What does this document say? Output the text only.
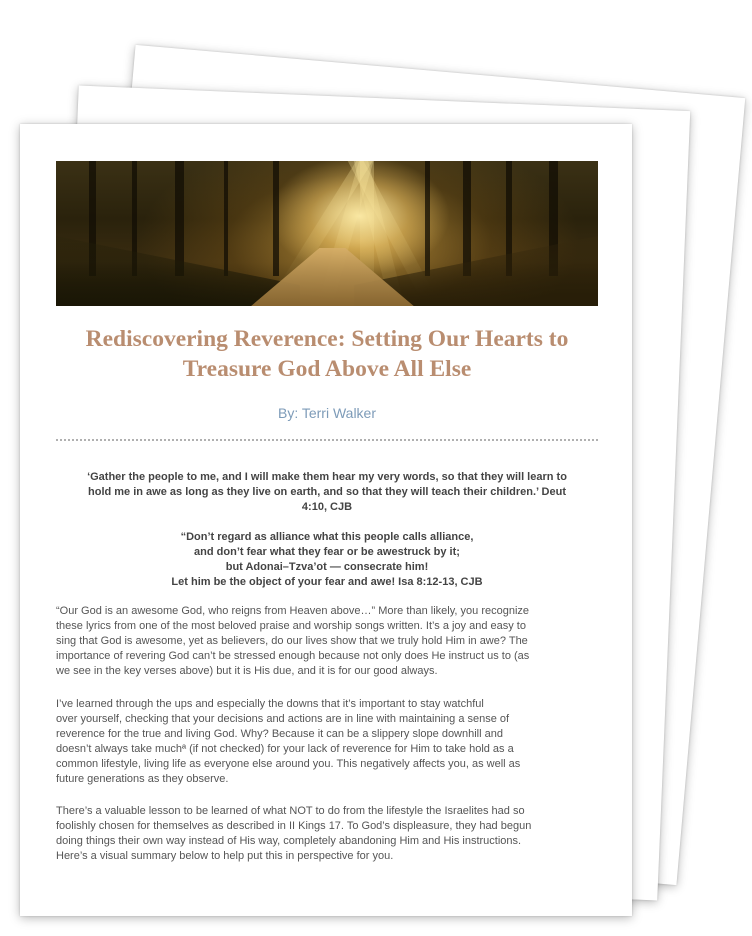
Rediscovering Reverence: Setting Our Hearts to
Treasure God Above All Else
By: Terri Walker
‘Gather the people to me, and I will make them hear my very words, so that they will learn to
hold me in awe as long as they live on earth, and so that they will teach their children.’ Deut
4:10, CJB
“Don’t regard as alliance what this people calls alliance,
and don’t fear what they fear or be awestruck by it;
but Adonai–Tzva’ot — consecrate him!
Let him be the object of your fear and awe! Isa 8:12-13, CJB
“Our God is an awesome God, who reigns from Heaven above…” More than likely, you recognize
these lyrics from one of the most beloved praise and worship songs written. It’s a joy and easy to
sing that God is awesome, yet as believers, do our lives show that we truly hold Him in awe? The
importance of revering God can’t be stressed enough because not only does He instruct us to (as
we see in the key verses above) but it is His due, and it is for our good always.
I’ve learned through the ups and especially the downs that it’s important to stay watchful
over yourself, checking that your decisions and actions are in line with maintaining a sense of
reverence for the true and living God. Why? Because it can be a slippery slope downhill and
doesn’t always take muchª (if not checked) for your lack of reverence for Him to take hold as a
common lifestyle, living life as everyone else around you. This negatively affects you, as well as
future generations as they observe.
There’s a valuable lesson to be learned of what NOT to do from the lifestyle the Israelites had so
foolishly chosen for themselves as described in II Kings 17. To God’s displeasure, they had begun
doing things their own way instead of His way, completely abandoning Him and His instructions.
Here’s a visual summary below to help put this in perspective for you.
